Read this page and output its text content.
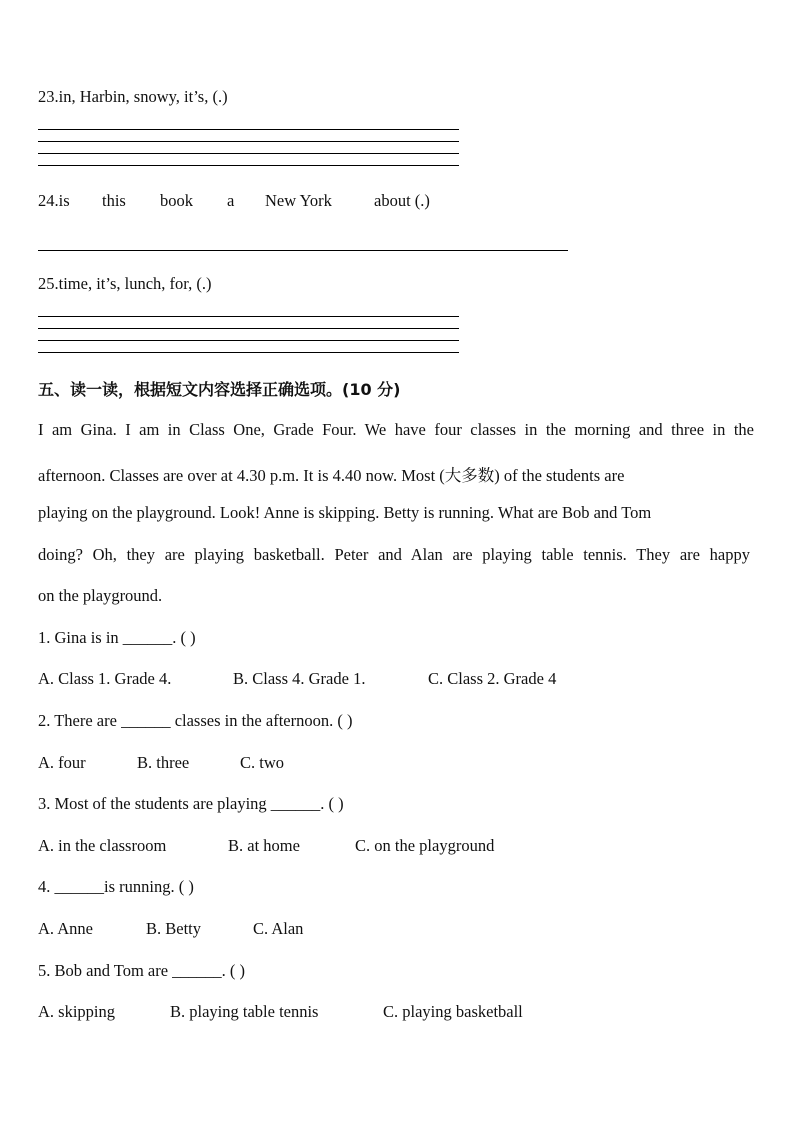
23.in, Harbin, snowy, it’s, (.)
24.is this book a New York	about (.)
25.time, it’s, lunch, for, (.)
五、读一读，根据短文内容选择正确选项。(10 分)
I am Gina. I am in Class One, Grade Four. We have four classes in the morning and three in the
afternoon. Classes are over at 4.30 p.m. It is 4.40 now. Most (大多数) of the students are
playing on the playground. Look! Anne is skipping. Betty is running. What are Bob and Tom
doing? Oh, they are playing basketball. Peter and Alan are playing table tennis. They are happy
on the playground.
1. Gina is in ______. ( )
A. Class 1. Grade 4.	B. Class 4. Grade 1.	C. Class 2. Grade 4
2. There are ______ classes in the afternoon. ( )
A. four	B. three	C. two
3. Most of the students are playing ______. ( )
A. in the classroom	B. at home	C. on the playground
4. ______is running. ( )
A. Anne	B. Betty	C. Alan
5. Bob and Tom are ______. ( )
A. skipping	B. playing table tennis	C. playing basketball
